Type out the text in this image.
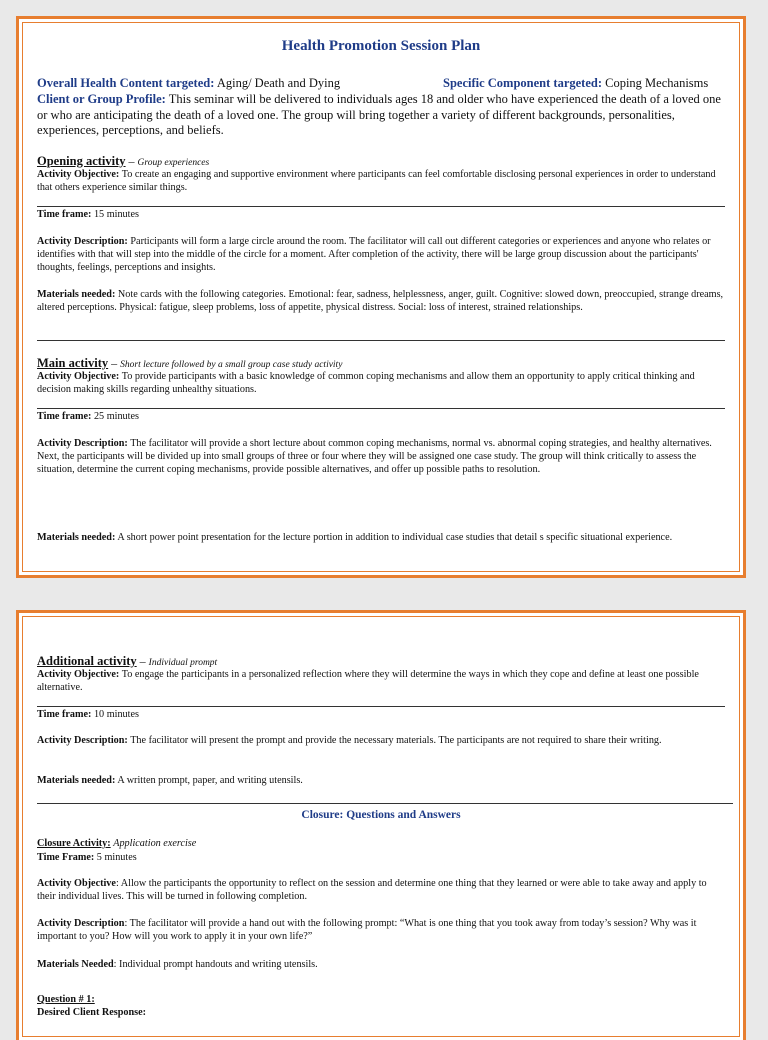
Health Promotion Session Plan
Overall Health Content targeted: Aging/ Death and Dying	Specific Component targeted: Coping Mechanisms
Client or Group Profile: This seminar will be delivered to individuals ages 18 and older who have experienced the death of a loved one or who are anticipating the death of a loved one. The group will bring together a variety of different backgrounds, personalities, experiences, perceptions, and beliefs.
Opening activity – Group experiences
Activity Objective: To create an engaging and supportive environment where participants can feel comfortable disclosing personal experiences in order to understand that others experience similar things.
Time frame: 15 minutes
Activity Description: Participants will form a large circle around the room. The facilitator will call out different categories or experiences and anyone who relates or identifies with that will step into the middle of the circle for a moment. After completion of the activity, there will be large group discussion about the participants' thoughts, feelings, perceptions and insights.
Materials needed: Note cards with the following categories. Emotional: fear, sadness, helplessness, anger, guilt. Cognitive: slowed down, preoccupied, strange dreams, altered perceptions. Physical: fatigue, sleep problems, loss of appetite, physical distress. Social: loss of interest, strained relationships.
Main activity – Short lecture followed by a small group case study activity
Activity Objective: To provide participants with a basic knowledge of common coping mechanisms and allow them an opportunity to apply critical thinking and decision making skills regarding unhealthy situations.
Time frame: 25 minutes
Activity Description: The facilitator will provide a short lecture about common coping mechanisms, normal vs. abnormal coping strategies, and healthy alternatives. Next, the participants will be divided up into small groups of three or four where they will be assigned one case study. The group will think critically to assess the situation, determine the current coping mechanisms, provide possible alternatives, and offer up possible paths to resolution.
Materials needed: A short power point presentation for the lecture portion in addition to individual case studies that detail s specific situational experience.
Additional activity – Individual prompt
Activity Objective: To engage the participants in a personalized reflection where they will determine the ways in which they cope and define at least one possible alternative.
Time frame: 10 minutes
Activity Description: The facilitator will present the prompt and provide the necessary materials. The participants are not required to share their writing.
Materials needed: A written prompt, paper, and writing utensils.
Closure: Questions and Answers
Closure Activity: Application exercise
Time Frame: 5 minutes
Activity Objective: Allow the participants the opportunity to reflect on the session and determine one thing that they learned or were able to take away and apply to their individual lives. This will be turned in following completion.
Activity Description: The facilitator will provide a hand out with the following prompt: “What is one thing that you took away from today’s session? Why was it important to you? How will you work to apply it in your own life?”
Materials Needed: Individual prompt handouts and writing utensils.
Question # 1:
Desired Client Response:
